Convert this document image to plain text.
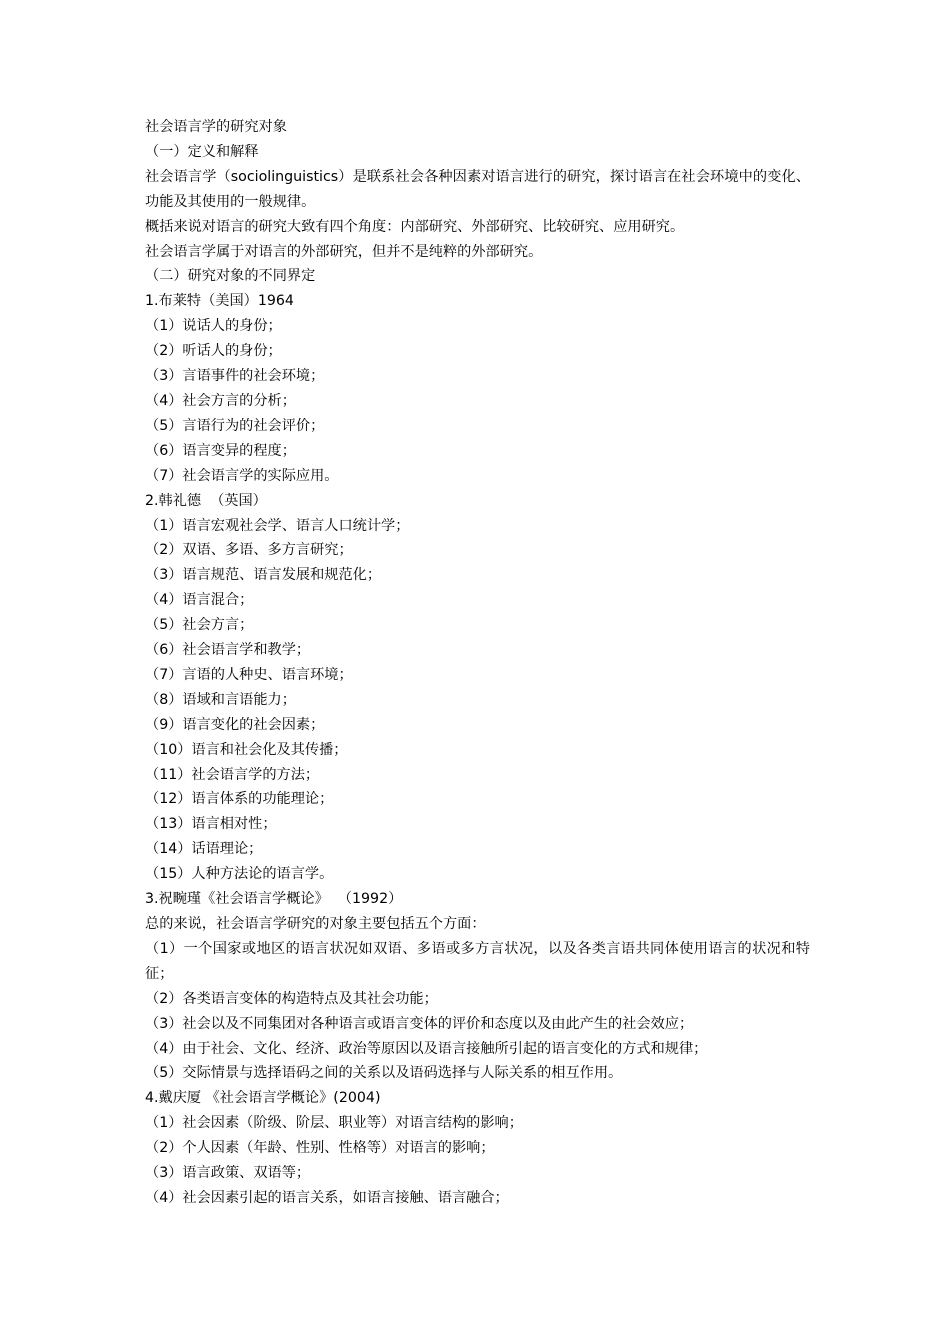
社会语言学的研究对象
（一）定义和解释
社会语言学（sociolinguistics）是联系社会各种因素对语言进行的研究，探讨语言在社会环境中的变化、功能及其使用的一般规律。
概括来说对语言的研究大致有四个角度：内部研究、外部研究、比较研究、应用研究。
社会语言学属于对语言的外部研究，但并不是纯粹的外部研究。
（二）研究对象的不同界定
1.布莱特（美国）1964
（1）说话人的身份；
（2）听话人的身份；
（3）言语事件的社会环境；
（4）社会方言的分析；
（5）言语行为的社会评价；
（6）语言变异的程度；
（7）社会语言学的实际应用。
2.韩礼德  （英国）
（1）语言宏观社会学、语言人口统计学；
（2）双语、多语、多方言研究；
（3）语言规范、语言发展和规范化；
（4）语言混合；
（5）社会方言；
（6）社会语言学和教学；
（7）言语的人种史、语言环境；
（8）语域和言语能力；
（9）语言变化的社会因素；
（10）语言和社会化及其传播；
（11）社会语言学的方法；
（12）语言体系的功能理论；
（13）语言相对性；
（14）话语理论；
（15）人种方法论的语言学。
3.祝畹瑾《社会语言学概论》  （1992）
总的来说，社会语言学研究的对象主要包括五个方面：
（1）一个国家或地区的语言状况如双语、多语或多方言状况，以及各类言语共同体使用语言的状况和特征；
（2）各类语言变体的构造特点及其社会功能；
（3）社会以及不同集团对各种语言或语言变体的评价和态度以及由此产生的社会效应；
（4）由于社会、文化、经济、政治等原因以及语言接触所引起的语言变化的方式和规律；
（5）交际情景与选择语码之间的关系以及语码选择与人际关系的相互作用。
4.戴庆厦 《社会语言学概论》(2004)
（1）社会因素（阶级、阶层、职业等）对语言结构的影响；
（2）个人因素（年龄、性别、性格等）对语言的影响；
（3）语言政策、双语等；
（4）社会因素引起的语言关系，如语言接触、语言融合；
